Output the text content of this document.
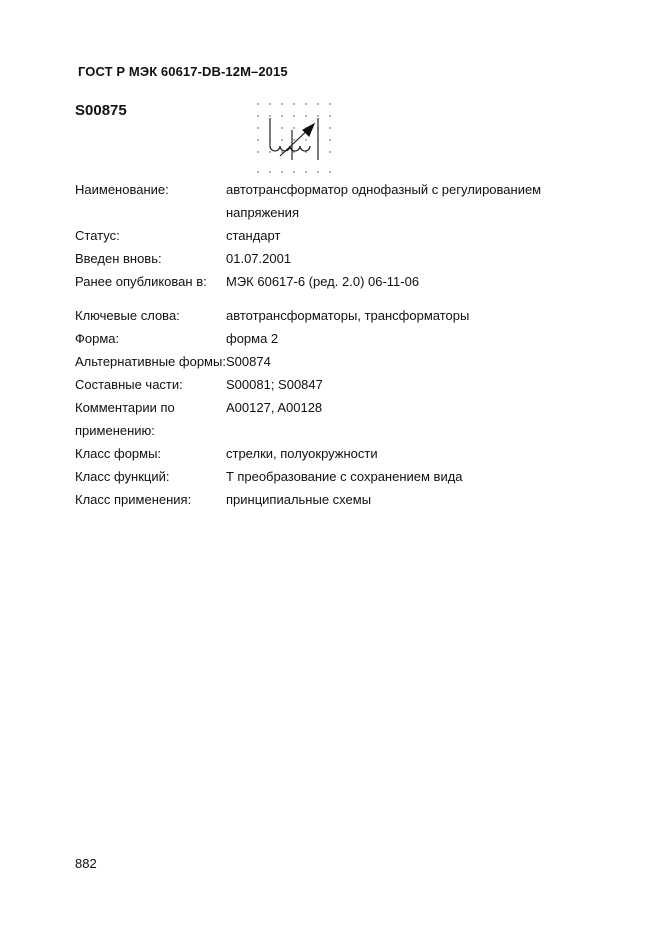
ГОСТ Р МЭК 60617-DB-12M–2015
S00875
Наименование:	автотрансформатор однофазный с регулированием напряжения
Статус:	стандарт
Введен вновь:	01.07.2001
Ранее опубликован в:	МЭК 60617-6 (ред. 2.0) 06-11-06
Ключевые слова:	автотрансформаторы, трансформаторы
Форма:	форма 2
Альтернативные формы: S00874
Составные части:	S00081; S00847
Комментарии по применению:
A00127, A00128
Класс формы:	стрелки, полуокружности
Класс функций:	T преобразование с сохранением вида
Класс применения:	принципиальные схемы
882
